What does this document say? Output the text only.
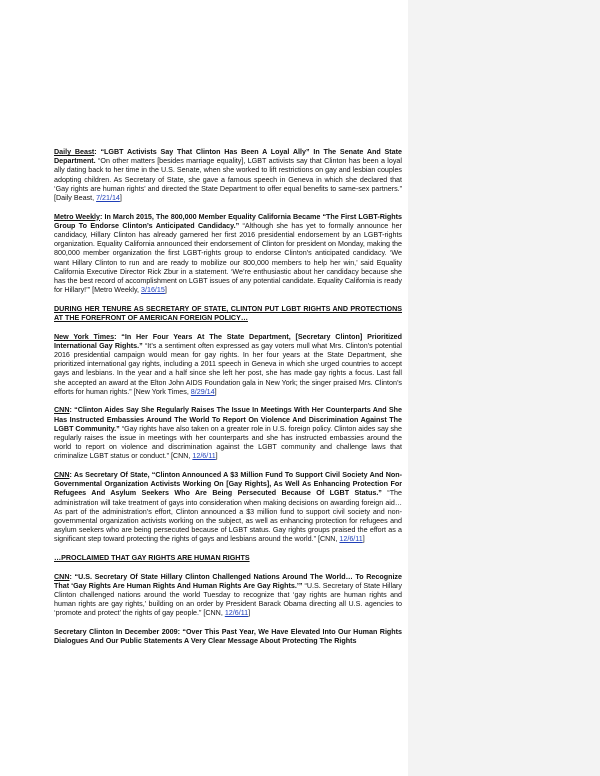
Daily Beast: “LGBT Activists Say That Clinton Has Been A Loyal Ally” In The Senate And State Department. “On other matters [besides marriage equality], LGBT activists say that Clinton has been a loyal ally dating back to her time in the U.S. Senate, when she worked to lift restrictions on gay and lesbian couples adopting children. As Secretary of State, she gave a famous speech in Geneva in which she declared that ‘Gay rights are human rights’ and directed the State Department to offer equal benefits to same-sex partners.” [Daily Beast, 7/21/14]

Metro Weekly: In March 2015, The 800,000 Member Equality California Became “The First LGBT-Rights Group To Endorse Clinton’s Anticipated Candidacy.” “Although she has yet to formally announce her candidacy, Hillary Clinton has already garnered her first 2016 presidential endorsement by an LGBT-rights organization. Equality California announced their endorsement of Clinton for president on Monday, making the 800,000 member organization the first LGBT-rights group to endorse Clinton’s anticipated candidacy. ‘We want Hillary Clinton to run and are ready to mobilize our 800,000 members to help her win,’ said Equality California Executive Director Rick Zbur in a statement. ‘We’re enthusiastic about her candidacy because she has the best record of accomplishment on LGBT issues of any potential candidate. Equality California is ready for Hillary!’” [Metro Weekly, 3/16/15]

DURING HER TENURE AS SECRETARY OF STATE, CLINTON PUT LGBT RIGHTS AND PROTECTIONS AT THE FOREFRONT OF AMERICAN FOREIGN POLICY…

New York Times: “In Her Four Years At The State Department, [Secretary Clinton] Prioritized International Gay Rights.” “It’s a sentiment often expressed as gay voters mull what Mrs. Clinton’s potential 2016 presidential campaign would mean for gay rights. In her four years at the State Department, she prioritized international gay rights, including a 2011 speech in Geneva in which she urged countries to accept gays and lesbians. In the year and a half since she left her post, she has made gay rights a focus. Last fall she accepted an award at the Elton John AIDS Foundation gala in New York; the singer praised Mrs. Clinton’s efforts for human rights.” [New York Times, 8/29/14]

CNN: “Clinton Aides Say She Regularly Raises The Issue In Meetings With Her Counterparts And She Has Instructed Embassies Around The World To Report On Violence And Discrimination Against The LGBT Community.” “Gay rights have also taken on a greater role in U.S. foreign policy. Clinton aides say she regularly raises the issue in meetings with her counterparts and she has instructed embassies around the world to report on violence and discrimination against the LGBT community and challenge laws that criminalize LGBT status or conduct.” [CNN, 12/6/11]

CNN: As Secretary Of State, “Clinton Announced A $3 Million Fund To Support Civil Society And Non-Governmental Organization Activists Working On [Gay Rights], As Well As Enhancing Protection For Refugees And Asylum Seekers Who Are Being Persecuted Because Of LGBT Status.” “The administration will take treatment of gays into consideration when making decisions on awarding foreign aid…As part of the administration’s effort, Clinton announced a $3 million fund to support civil society and non-governmental organization activists working on the subject, as well as enhancing protection for refugees and asylum seekers who are being persecuted because of LGBT status. Gay rights groups praised the effort as a significant step toward protecting the rights of gays and lesbians around the world.” [CNN, 12/6/11]

…PROCLAIMED THAT GAY RIGHTS ARE HUMAN RIGHTS

CNN: “U.S. Secretary Of State Hillary Clinton Challenged Nations Around The World… To Recognize That ‘Gay Rights Are Human Rights And Human Rights Are Gay Rights.’” “U.S. Secretary of State Hillary Clinton challenged nations around the world Tuesday to recognize that ‘gay rights are human rights and human rights are gay rights,’ building on an order by President Barack Obama directing all U.S. agencies to ‘promote and protect’ the rights of gay people.” [CNN, 12/6/11]

Secretary Clinton In December 2009: “Over This Past Year, We Have Elevated Into Our Human Rights Dialogues And Our Public Statements A Very Clear Message About Protecting The Rights
